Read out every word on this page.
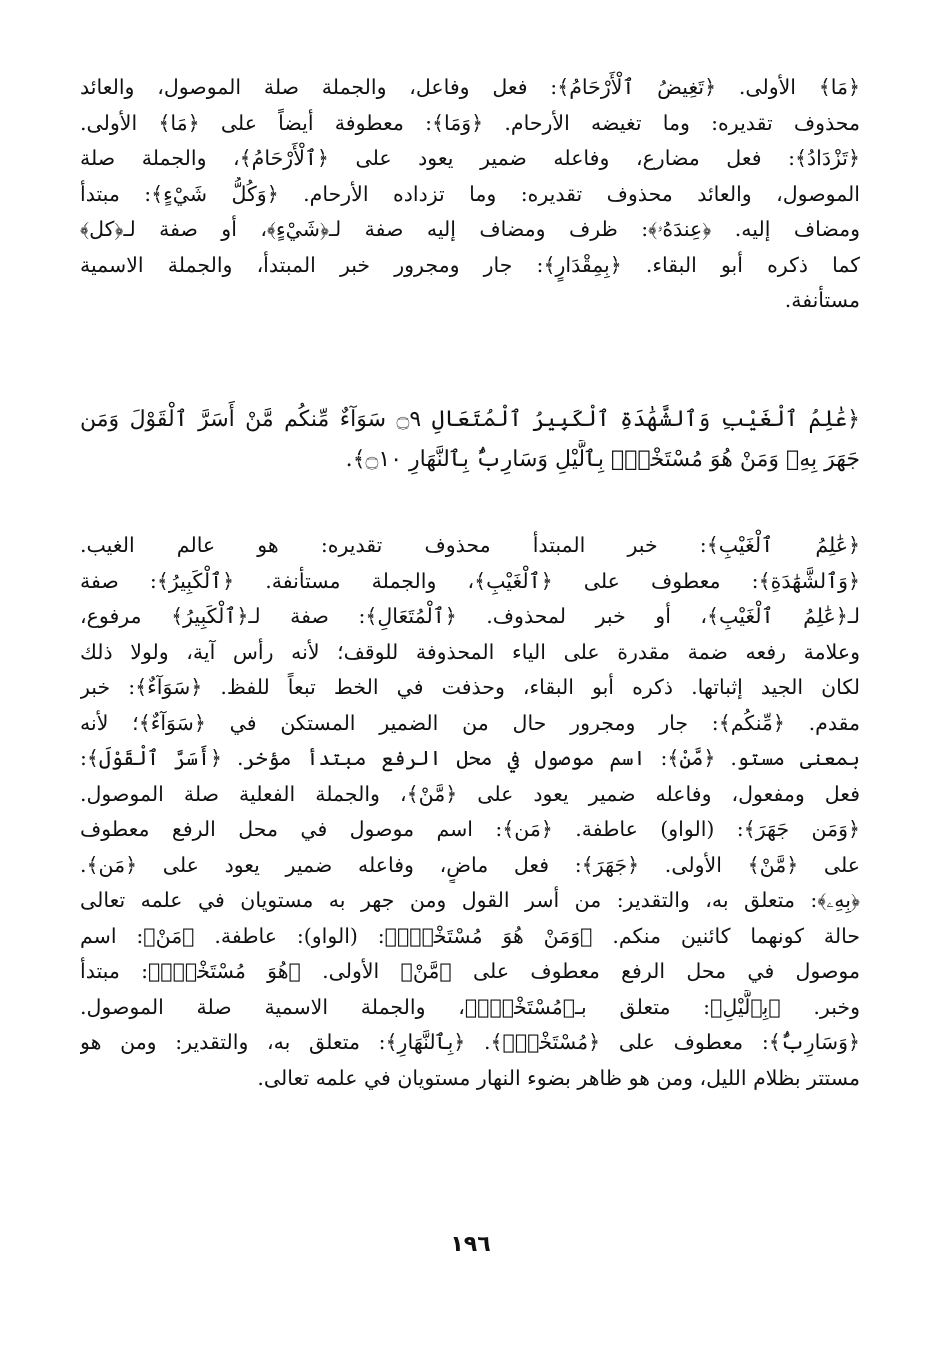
﴿مَا﴾ الأولى. ﴿تَغِيضُ ٱلْأَرْحَامُ﴾: فعل وفاعل، والجملة صلة الموصول، والعائد
محذوف تقديره: وما تغيضه الأرحام. ﴿وَمَا﴾: معطوفة أيضاً على ﴿مَا﴾ الأولى.
﴿تَزْدَادُ﴾: فعل مضارع، وفاعله ضمير يعود على ﴿ٱلْأَرْحَامُ﴾، والجملة صلة
الموصول، والعائد محذوف تقديره: وما تزداده الأرحام. ﴿وَكُلُّ شَيْءٍ﴾: مبتدأ
ومضاف إليه. ﴿عِندَهُۥ﴾: ظرف ومضاف إليه صفة لـ﴿شَيْءٍ﴾، أو صفة لـ﴿كل﴾
كما ذكره أبو البقاء. ﴿بِمِقْدَارٍ﴾: جار ومجرور خبر المبتدأ، والجملة الاسمية
مستأنفة.
﴿عَٰلِمُ ٱلْغَيْبِ وَٱلشَّهَٰدَةِ ٱلْكَبِيرُ ٱلْمُتَعَالِ ۝٩ سَوَآءٌ مِّنكُم مَّنْ أَسَرَّ ٱلْقَوْلَ وَمَن
جَهَرَ بِهِۦ وَمَنْ هُوَ مُسْتَخْفٍۭ بِٱلَّيْلِ وَسَارِبٌۢ بِٱلنَّهَارِ ۝١٠﴾.
﴿عَٰلِمُ ٱلْغَيْبِ﴾: خبر المبتدأ محذوف تقديره: هو عالم الغيب.
﴿وَٱلشَّهَٰدَةِ﴾: معطوف على ﴿ٱلْغَيْبِ﴾، والجملة مستأنفة. ﴿ٱلْكَبِيرُ﴾: صفة
لـ﴿عَٰلِمُ ٱلْغَيْبِ﴾، أو خبر لمحذوف. ﴿ٱلْمُتَعَالِ﴾: صفة لـ﴿ٱلْكَبِيرُ﴾ مرفوع،
وعلامة رفعه ضمة مقدرة على الياء المحذوفة للوقف؛ لأنه رأس آية، ولولا ذلك
لكان الجيد إثباتها. ذكره أبو البقاء، وحذفت في الخط تبعاً للفظ. ﴿سَوَآءٌ﴾: خبر
مقدم. ﴿مِّنكُم﴾: جار ومجرور حال من الضمير المستكن في ﴿سَوَآءٌ﴾؛ لأنه
بمعنى مستو. ﴿مَّنْ﴾: اسم موصول في محل الرفع مبتدأ مؤخر. ﴿أَسَرَّ ٱلْقَوْلَ﴾:
فعل ومفعول، وفاعله ضمير يعود على ﴿مَّنْ﴾، والجملة الفعلية صلة الموصول.
﴿وَمَن جَهَرَ﴾: (الواو) عاطفة. ﴿مَن﴾: اسم موصول في محل الرفع معطوف
على ﴿مَّنْ﴾ الأولى. ﴿جَهَرَ﴾: فعل ماضٍ، وفاعله ضمير يعود على ﴿مَن﴾.
﴿بِهِۦ﴾: متعلق به، والتقدير: من أسر القول ومن جهر به مستويان في علمه تعالى
حالة كونهما كائنين منكم. ﴿وَمَنْ هُوَ مُسْتَخْفٍۭ﴾: (الواو): عاطفة. ﴿مَنْ﴾: اسم
موصول في محل الرفع معطوف على ﴿مَّنْ﴾ الأولى. ﴿هُوَ مُسْتَخْفٍۭ﴾: مبتدأ
وخبر. ﴿بِٱلَّيْلِ﴾: متعلق بـ﴿مُسْتَخْفٍۭ﴾، والجملة الاسمية صلة الموصول.
﴿وَسَارِبٌۢ﴾: معطوف على ﴿مُسْتَخْفٍۭ﴾. ﴿بِٱلنَّهَارِ﴾: متعلق به، والتقدير: ومن هو
مستتر بظلام الليل، ومن هو ظاهر بضوء النهار مستويان في علمه تعالى.
١٩٦
